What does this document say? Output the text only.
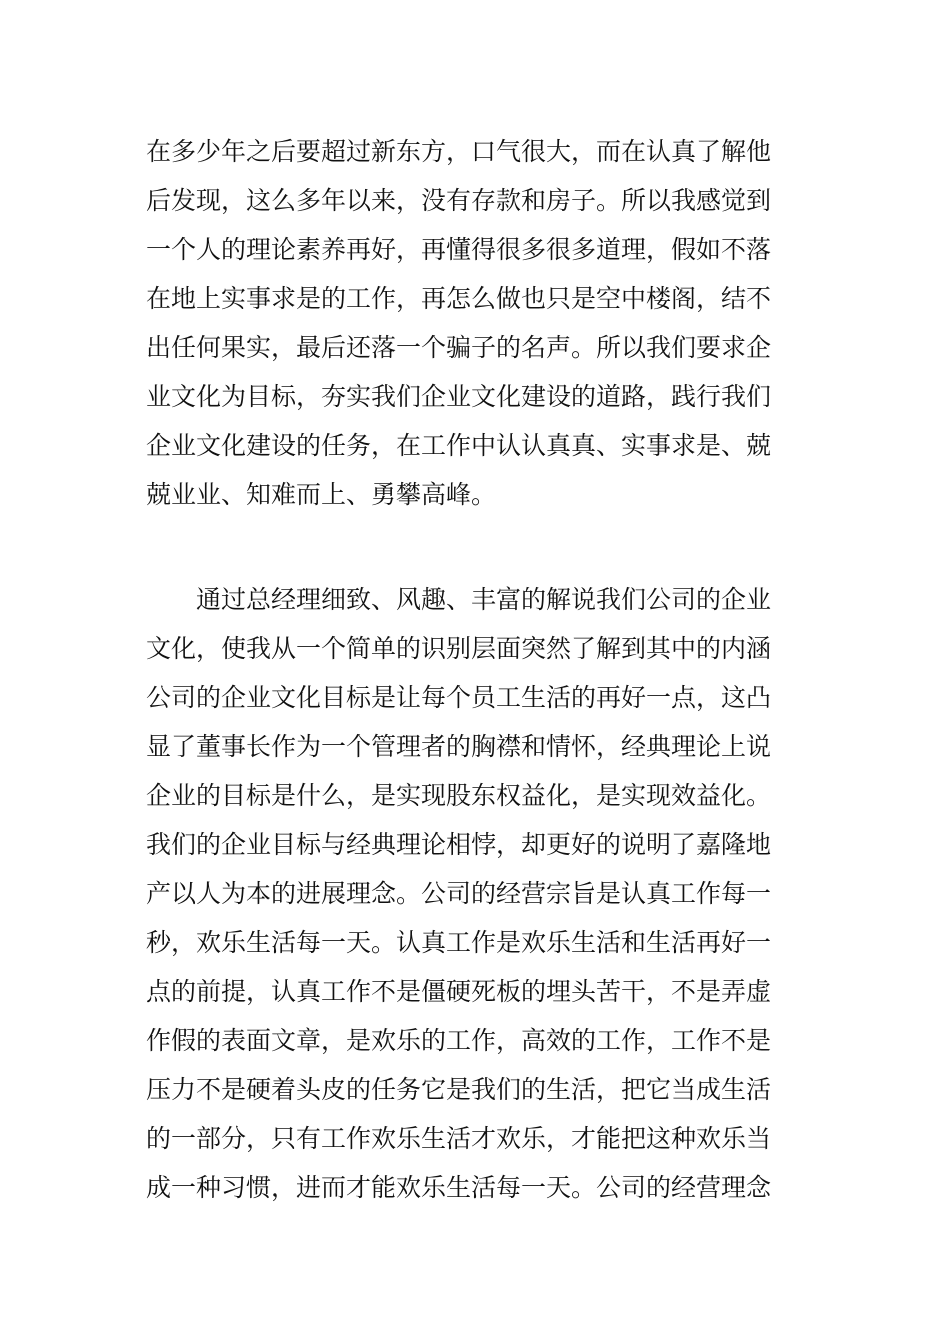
在多少年之后要超过新东方，口气很大，而在认真了解他
后发现，这么多年以来，没有存款和房子。所以我感觉到
一个人的理论素养再好，再懂得很多很多道理，假如不落
在地上实事求是的工作，再怎么做也只是空中楼阁，结不
出任何果实，最后还落一个骗子的名声。所以我们要求企
业文化为目标，夯实我们企业文化建设的道路，践行我们
企业文化建设的任务，在工作中认认真真、实事求是、兢
兢业业、知难而上、勇攀高峰。
　　通过总经理细致、风趣、丰富的解说我们公司的企业
文化，使我从一个简单的识别层面突然了解到其中的内涵
公司的企业文化目标是让每个员工生活的再好一点，这凸
显了董事长作为一个管理者的胸襟和情怀，经典理论上说
企业的目标是什么，是实现股东权益化，是实现效益化。
我们的企业目标与经典理论相悖，却更好的说明了嘉隆地
产以人为本的进展理念。公司的经营宗旨是认真工作每一
秒，欢乐生活每一天。认真工作是欢乐生活和生活再好一
点的前提，认真工作不是僵硬死板的埋头苦干，不是弄虚
作假的表面文章，是欢乐的工作，高效的工作，工作不是
压力不是硬着头皮的任务它是我们的生活，把它当成生活
的一部分，只有工作欢乐生活才欢乐，才能把这种欢乐当
成一种习惯，进而才能欢乐生活每一天。公司的经营理念
